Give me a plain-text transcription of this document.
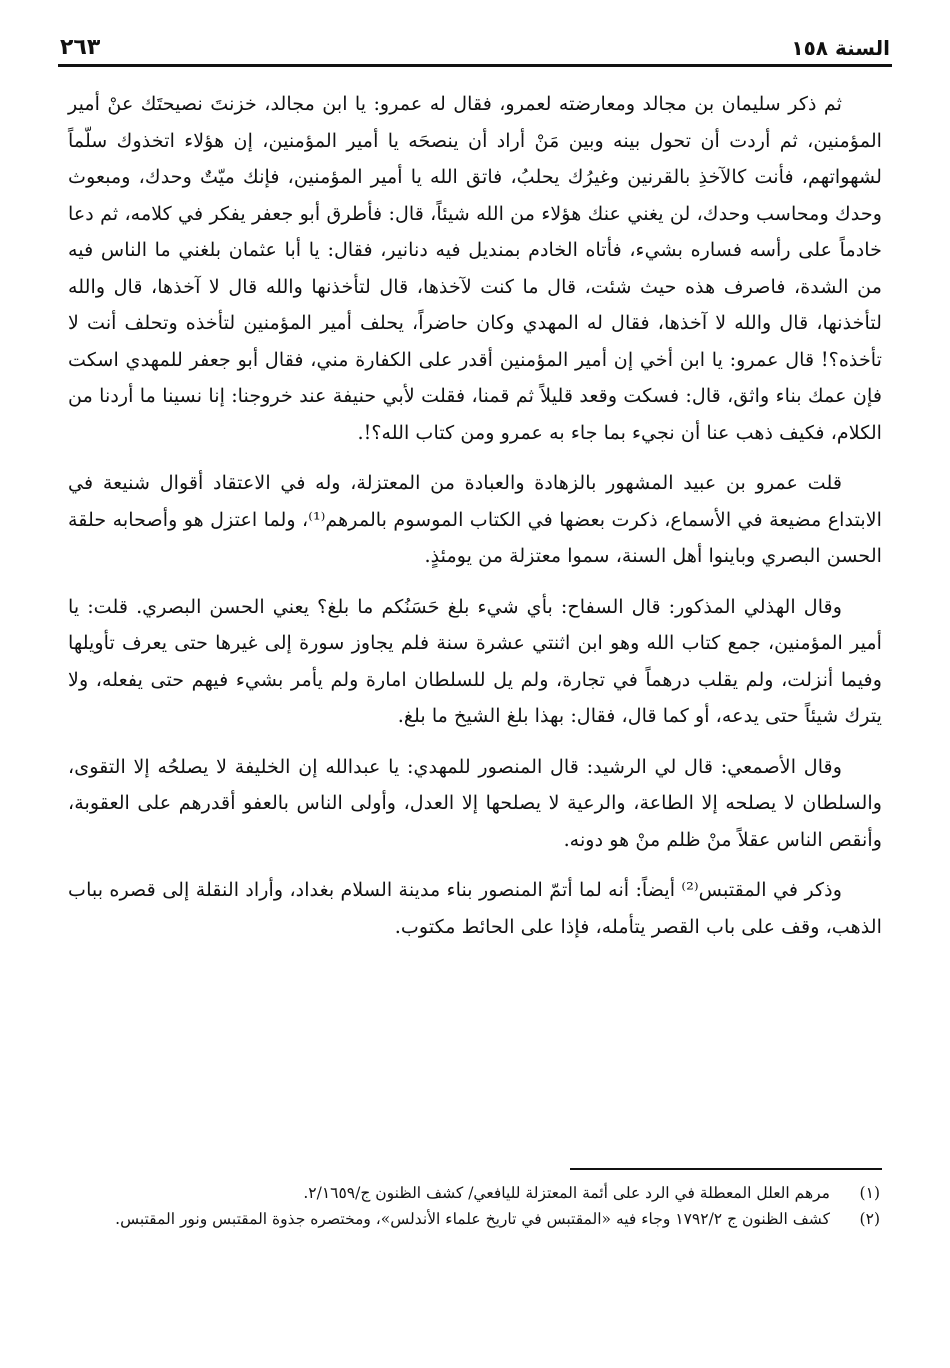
السنة ١٥٨
٢٦٣

ثم ذكر سليمان بن مجالد ومعارضته لعمرو، فقال له عمرو: يا ابن مجالد، خزنتَ نصيحتَك عنْ أمير المؤمنين، ثم أردت أن تحول بينه وبين مَنْ أراد أن ينصحَه يا أمير المؤمنين، إن هؤلاء اتخذوك سلّماً لشهواتهم، فأنت كالآخذِ بالقرنين وغيرُك يحلبُ، فاتق الله يا أمير المؤمنين، فإنك ميّتٌ وحدك، ومبعوث وحدك ومحاسب وحدك، لن يغني عنك هؤلاء من الله شيئاً، قال: فأطرق أبو جعفر يفكر في كلامه، ثم دعا خادماً على رأسه فساره بشيء، فأتاه الخادم بمنديل فيه دنانير، فقال: يا أبا عثمان بلغني ما الناس فيه من الشدة، فاصرف هذه حيث شئت، قال ما كنت لآخذها، قال لتأخذنها والله قال لا آخذها، قال والله لتأخذنها، قال والله لا آخذها، فقال له المهدي وكان حاضراً، يحلف أمير المؤمنين لتأخذه وتحلف أنت لا تأخذه؟! قال عمرو: يا ابن أخي إن أمير المؤمنين أقدر على الكفارة مني، فقال أبو جعفر للمهدي اسكت فإن عمك بناء واثق، قال: فسكت وقعد قليلاً ثم قمنا، فقلت لأبي حنيفة عند خروجنا: إنا نسينا ما أردنا من الكلام، فكيف ذهب عنا أن نجيء بما جاء به عمرو ومن كتاب الله؟!.

قلت عمرو بن عبيد المشهور بالزهادة والعبادة من المعتزلة، وله في الاعتقاد أقوال شنيعة في الابتداع مضيعة في الأسماع، ذكرت بعضها في الكتاب الموسوم بالمرهم⁽¹⁾، ولما اعتزل هو وأصحابه حلقة الحسن البصري وباينوا أهل السنة، سموا معتزلة من يومئذٍ.

وقال الهذلي المذكور: قال السفاح: بأي شيء بلغ حَسَنُكم ما بلغ؟ يعني الحسن البصري. قلت: يا أمير المؤمنين، جمع كتاب الله وهو ابن اثنتي عشرة سنة فلم يجاوز سورة إلى غيرها حتى يعرف تأويلها وفيما أنزلت، ولم يقلب درهماً في تجارة، ولم يل للسلطان امارة ولم يأمر بشيء فيهم حتى يفعله، ولا يترك شيئاً حتى يدعه، أو كما قال، فقال: بهذا بلغ الشيخ ما بلغ.

وقال الأصمعي: قال لي الرشيد: قال المنصور للمهدي: يا عبدالله إن الخليفة لا يصلحُه إلا التقوى، والسلطان لا يصلحه إلا الطاعة، والرعية لا يصلحها إلا العدل، وأولى الناس بالعفو أقدرهم على العقوبة، وأنقص الناس عقلاً منْ ظلم منْ هو دونه.

وذكر في المقتبس⁽²⁾ أيضاً: أنه لما أتمّ المنصور بناء مدينة السلام بغداد، وأراد النقلة إلى قصره بباب الذهب، وقف على باب القصر يتأمله، فإذا على الحائط مكتوب.

(١)
مرهم العلل المعطلة في الرد على أئمة المعتزلة لليافعي/ كشف الظنون ج/٢/١٦٥٩.
(٢)
كشف الظنون ج ١٧٩٢/٢ وجاء فيه «المقتبس في تاريخ علماء الأندلس»، ومختصره جذوة المقتبس ونور المقتبس.
